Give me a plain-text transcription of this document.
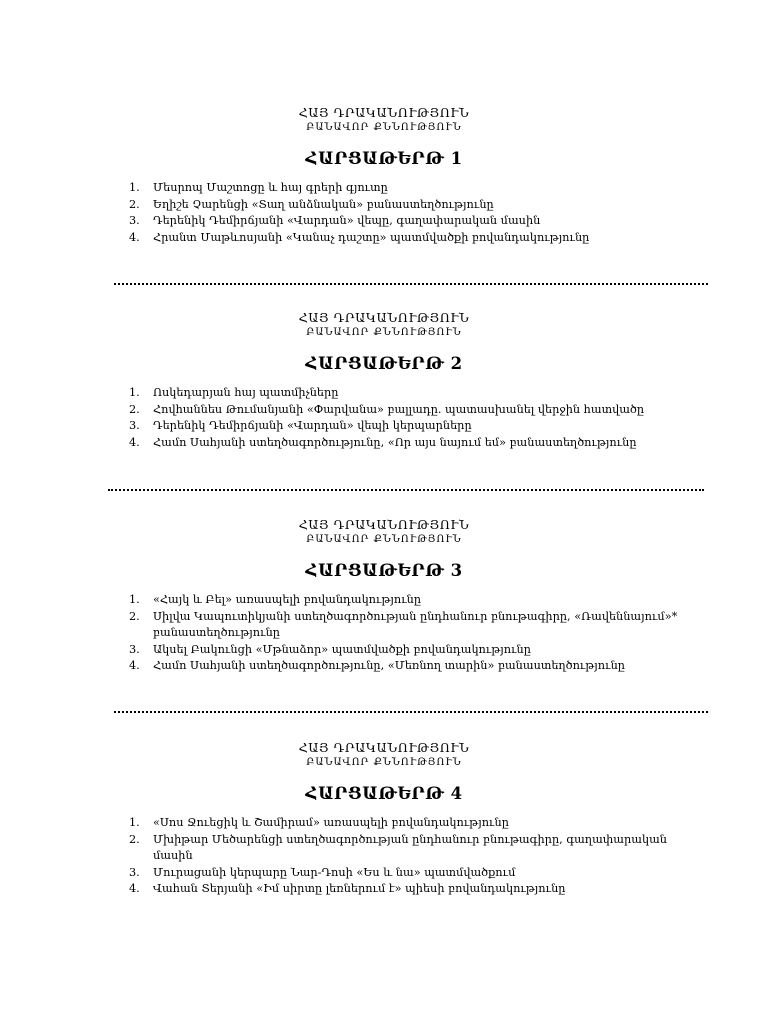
ՀԱՅ ԴՐԱԿԱՆՈՒԹՅՈՒՆ
ԲԱՆԱՎՈՐ ՔՆՆՈՒԹՅՈՒՆ
ՀԱՐՑԱԹԵՐԹ 1
1.	Մեսրոպ Մաշտոցը և հայ գրերի գյուտը
2.	Եղիշե Չարենցի «Տաղ անձնական» բանաստեղծությունը
3.	Դերենիկ Դեմիրճյանի «Վարդան» վեպը, գաղափարական մասին
4.	Հրանտ Մաթևոսյանի «Կանաչ դաշտը» պատմվածքի բովանդակությունը
ՀԱՅ ԴՐԱԿԱՆՈՒԹՅՈՒՆ
ԲԱՆԱՎՈՐ ՔՆՆՈՒԹՅՈՒՆ
ՀԱՐՑԱԹԵՐԹ 2
1.	Ոսկեդարյան հայ պատմիչները
2.	Հովհաննես Թումանյանի «Փարվանա» բալլադը. պատասխանել վերջին հատվածը
3.	Դերենիկ Դեմիրճյանի «Վարդան» վեպի կերպարները
4.	Համո Սահյանի ստեղծագործությունը, «Որ այս նայում եմ» բանաստեղծությունը
ՀԱՅ ԴՐԱԿԱՆՈՒԹՅՈՒՆ
ԲԱՆԱՎՈՐ ՔՆՆՈՒԹՅՈՒՆ
ՀԱՐՑԱԹԵՐԹ 3
1.	«Հայկ և Բել» առասպելի բովանդակությունը
2.	Սիլվա Կապուտիկյանի ստեղծագործության ընդհանուր բնութագիրը, «Ռավեննայում»* բանաստեղծությունը
3.	Ակսել Բակունցի «Մթնաձոր» պատմվածքի բովանդակությունը
4.	Համո Սահյանի ստեղծագործությունը, «Մեռնող տարին» բանաստեղծությունը
ՀԱՅ ԴՐԱԿԱՆՈՒԹՅՈՒՆ
ԲԱՆԱՎՈՐ ՔՆՆՈՒԹՅՈՒՆ
ՀԱՐՑԱԹԵՐԹ 4
1.	«Սոս Ջուեցիկ և Շամիրամ» առասպելի բովանդակությունը
2.	Մխիթար Մեծարենցի ստեղծագործության ընդհանուր բնութագիրը, գաղափարական մասին
3.	Մուրացանի կերպարը Նար-Դոսի «Ես և նա» պատմվածքում
4.	Վահան Տերյանի «Իմ սիրտը լեռներում է» պիեսի բովանդակությունը
